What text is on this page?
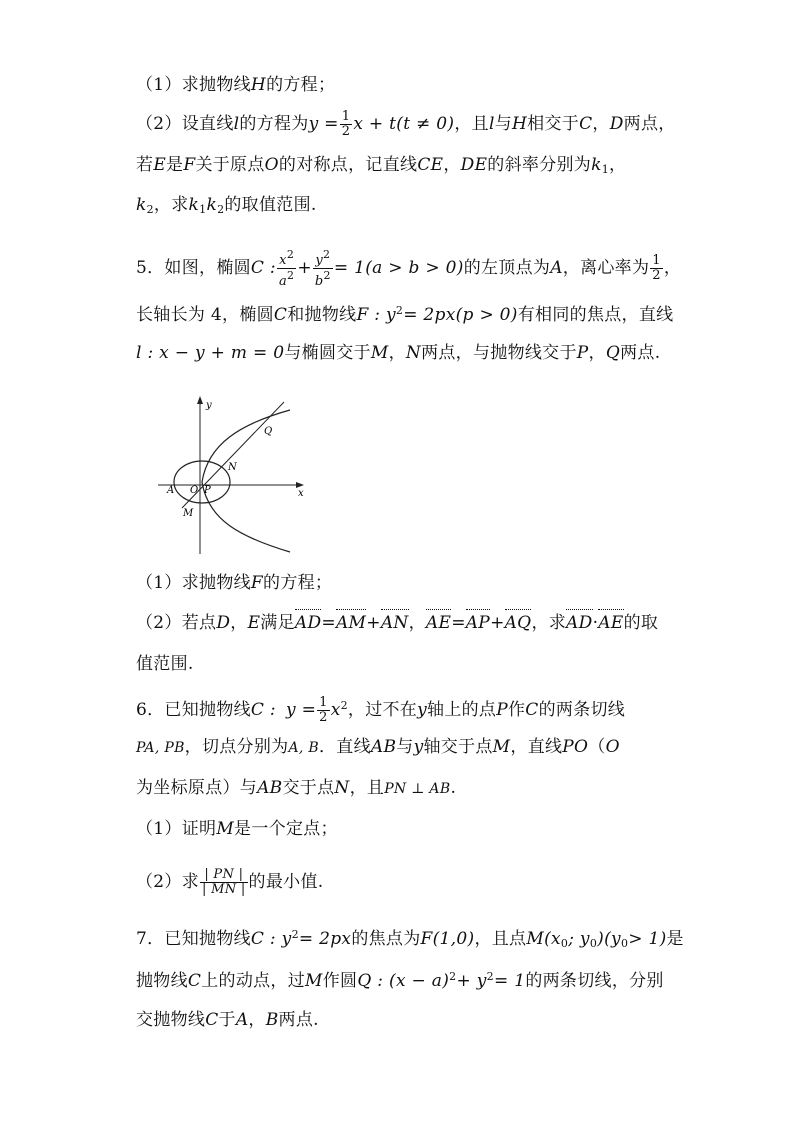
（1）求抛物线H的方程；
（2）设直线l的方程为$y = \frac{1}{2}$ x + t(t ≠ 0)，且l与H相交于C，D两点，
若E是F关于原点O的对称点，记直线CE，DE的斜率分别为$k_1$，
$k_2$，求$k_1k_2$的取值范围.
5．如图，椭圆C : $\frac{x^2}{a^2} + \frac{y^2}{b^2} = 1(a > b > 0)$的左顶点为A，离心率为 $\frac{1}{2}$ ，
长轴长为 4，椭圆C和抛物线F : $y^2= 2px(p > 0)$有相同的焦点，直线
l : x − y + m = 0与椭圆交于M，N两点，与抛物线交于P，Q两点.
y
x
Q
N
A O P
M
（1）求抛物线F的方程；
（2）若点D，E满足AD=AM+AN，AE=AP+AQ，求AD·AE的取
值范围.
6．已知抛物线C : $y = \frac{1}{2} x^2$，过不在y轴上的点P作C的两条切线
PA, PB，切点分别为A, B．直线AB与y轴交于点M，直线PO（O
为坐标原点）与AB交于点N，且PN ⊥ AB.
（1）证明M是一个定点；
（2）求 $\frac{| PN |}{| MN |}$ 的最小值.
7．已知抛物线C : $y^2= 2px$的焦点为F(1,0)，且点$M(x_0$; $y_0)(y_0> 1)$是
抛物线C上的动点，过M作圆Q : $(x - a)^2+ y^2= 1$的两条切线，分别
交抛物线C于A，B两点.
